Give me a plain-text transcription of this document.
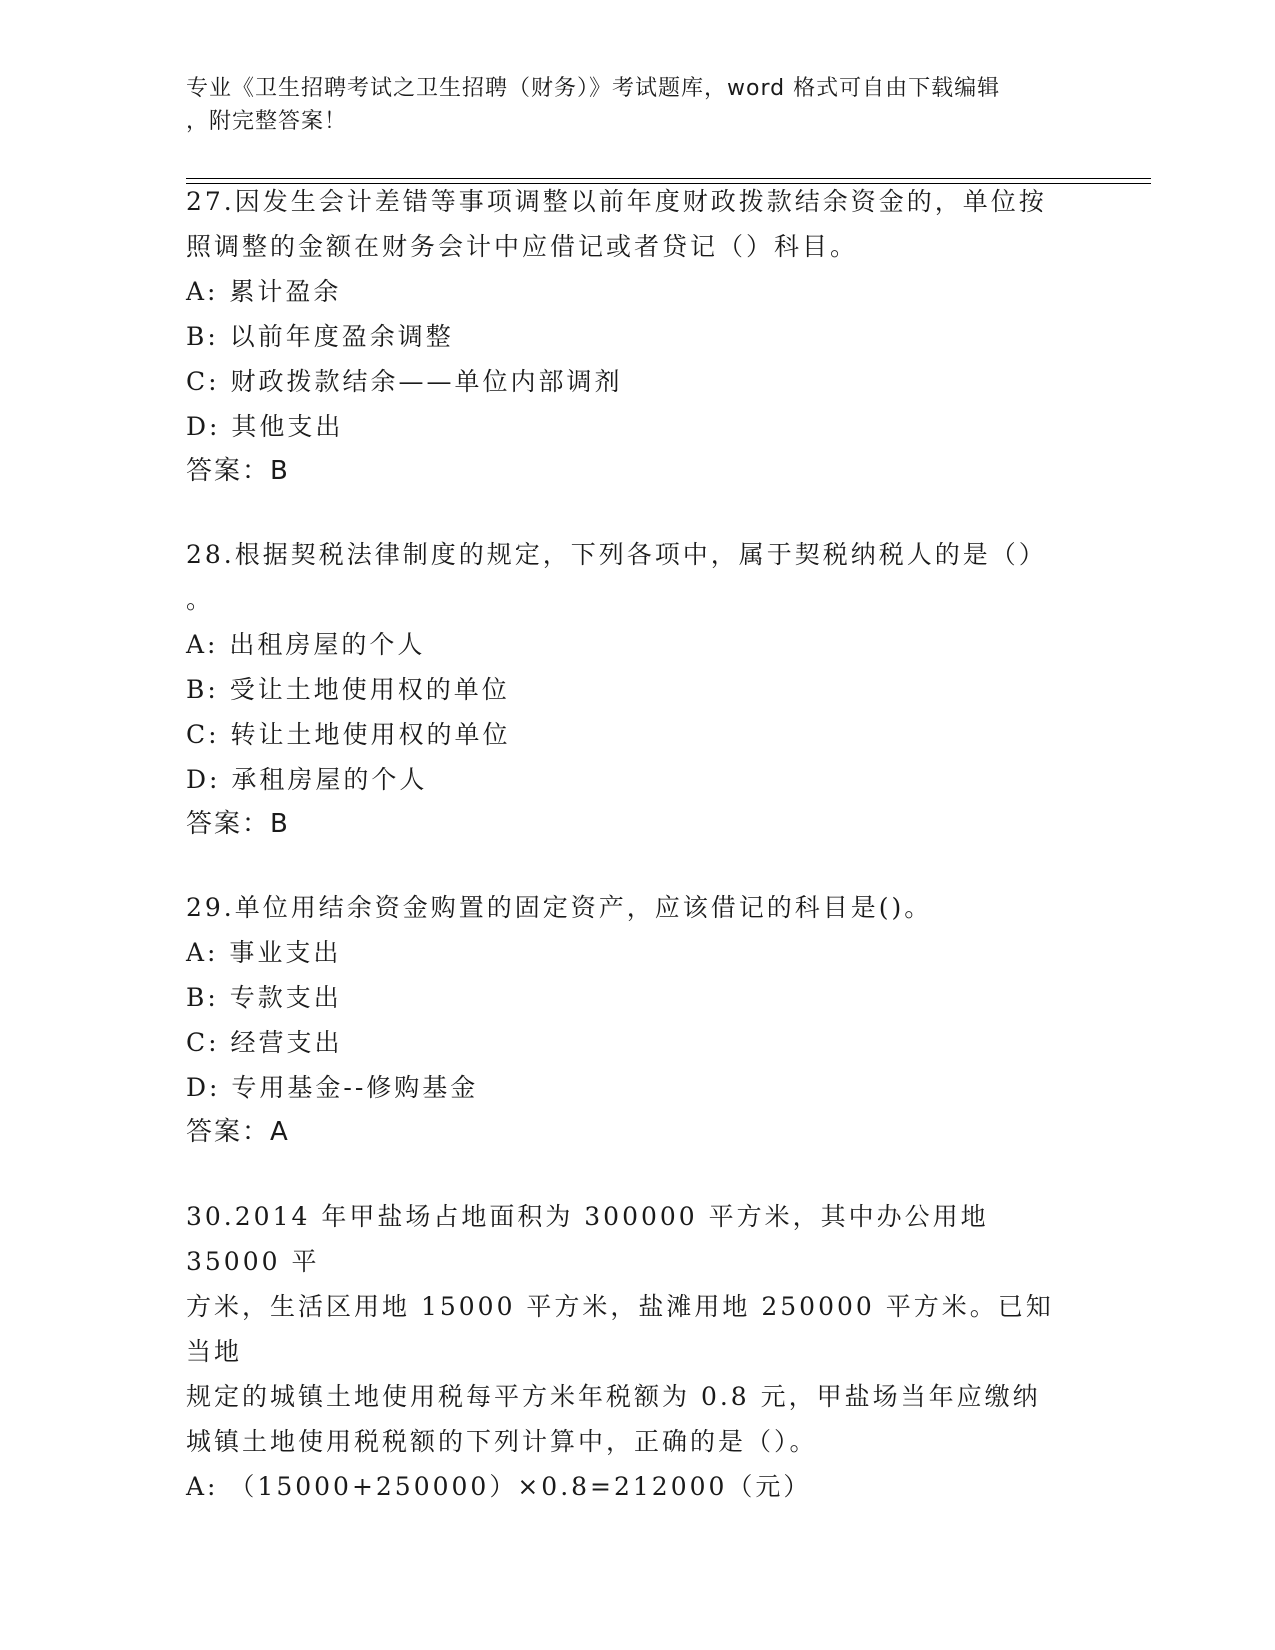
专业《卫生招聘考试之卫生招聘（财务）》考试题库，word 格式可自由下载编辑
，附完整答案！

27.因发生会计差错等事项调整以前年度财政拨款结余资金的，单位按

照调整的金额在财务会计中应借记或者贷记（）科目。

A: 累计盈余

B: 以前年度盈余调整

C: 财政拨款结余——单位内部调剂

D: 其他支出

答案：B

28.根据契税法律制度的规定，下列各项中，属于契税纳税人的是（）

。

A: 出租房屋的个人

B: 受让土地使用权的单位

C: 转让土地使用权的单位

D: 承租房屋的个人

答案：B

29.单位用结余资金购置的固定资产，应该借记的科目是()。

A: 事业支出

B: 专款支出

C: 经营支出

D: 专用基金--修购基金

答案：A

30.2014 年甲盐场占地面积为 300000 平方米，其中办公用地 35000 平

方米，生活区用地 15000 平方米，盐滩用地 250000 平方米。已知当地

规定的城镇土地使用税每平方米年税额为 0.8 元，甲盐场当年应缴纳

城镇土地使用税税额的下列计算中，正确的是（）。

A: （15000+250000）×0.8=212000（元）
